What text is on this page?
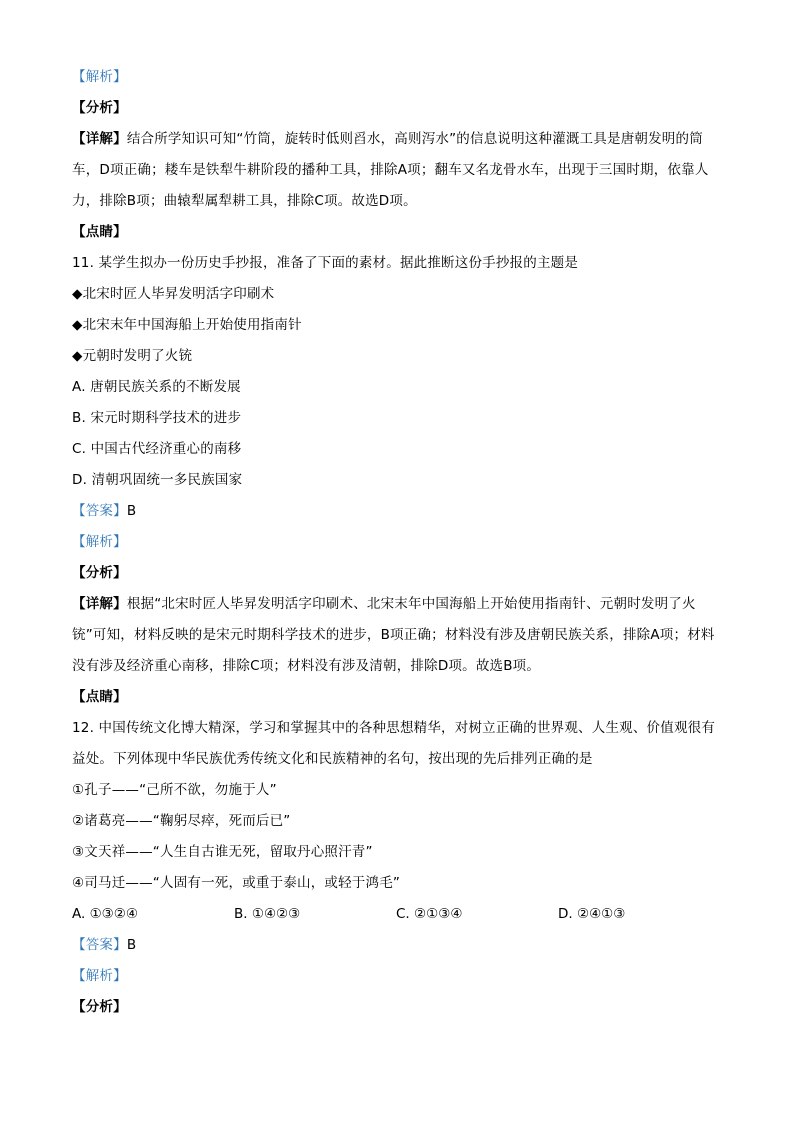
【解析】
【分析】
【详解】结合所学知识可知“竹筒，旋转时低则舀水，高则泻水”的信息说明这种灌溉工具是唐朝发明的筒车，D项正确；耧车是铁犁牛耕阶段的播种工具，排除A项；翻车又名龙骨水车，出现于三国时期，依靠人力，排除B项；曲辕犁属犁耕工具，排除C项。故选D项。
【点睛】
11. 某学生拟办一份历史手抄报，准备了下面的素材。据此推断这份手抄报的主题是
◆北宋时匠人毕昇发明活字印刷术
◆北宋末年中国海船上开始使用指南针
◆元朝时发明了火铳
A. 唐朝民族关系的不断发展
B. 宋元时期科学技术的进步
C. 中国古代经济重心的南移
D. 清朝巩固统一多民族国家
【答案】B
【解析】
【分析】
【详解】根据“北宋时匠人毕昇发明活字印刷术、北宋末年中国海船上开始使用指南针、元朝时发明了火铳”可知，材料反映的是宋元时期科学技术的进步，B项正确；材料没有涉及唐朝民族关系，排除A项；材料没有涉及经济重心南移，排除C项；材料没有涉及清朝，排除D项。故选B项。
【点睛】
12. 中国传统文化博大精深，学习和掌握其中的各种思想精华，对树立正确的世界观、人生观、价值观很有益处。下列体现中华民族优秀传统文化和民族精神的名句，按出现的先后排列正确的是
①孔子——“己所不欲，勿施于人”
②诸葛亮——“鞠躬尽瘁，死而后已”
③文天祥——“人生自古谁无死，留取丹心照汗青”
④司马迁——“人固有一死，或重于泰山，或轻于鸿毛”
A. ①③②④	B. ①④②③	C. ②①③④	D. ②④①③
【答案】B
【解析】
【分析】
